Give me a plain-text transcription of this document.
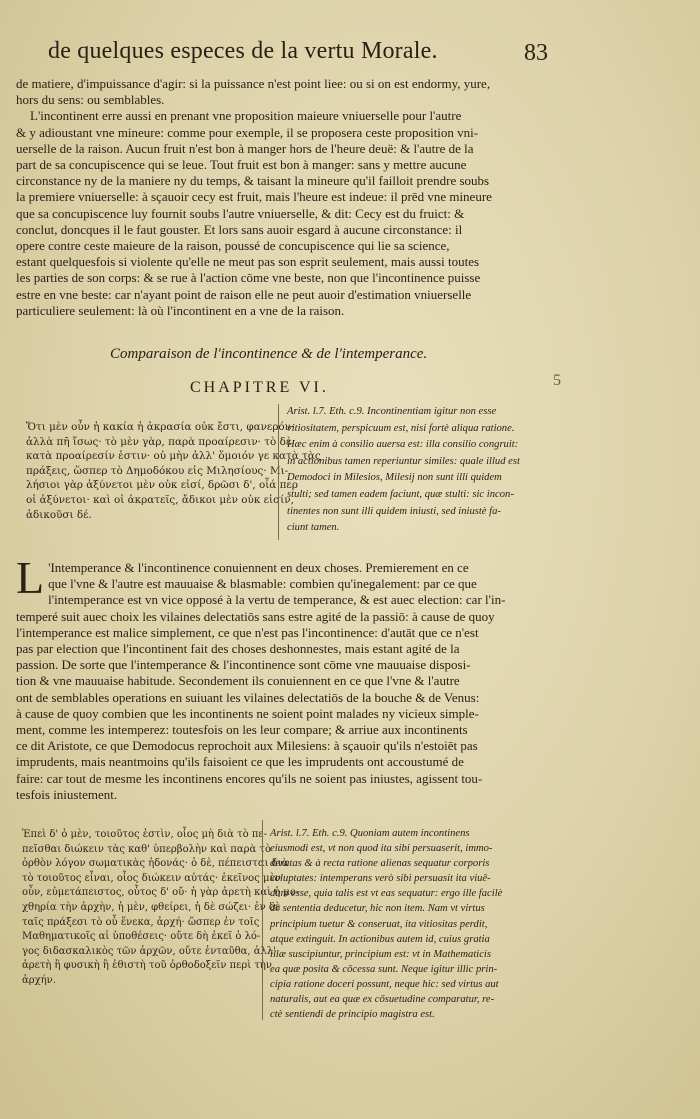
de quelques especes de la vertu Morale.	83
de matiere, d'impuissance d'agir: si la puissance n'est point liee: ou si on est endormy, yure,
hors du sens: ou semblables.
L'incontinent erre aussi en prenant vne proposition maieure vniuerselle pour l'autre
& y adioustant vne mineure: comme pour exemple, il se proposera ceste proposition vni-
uerselle de la raison. Aucun fruit n'est bon à manger hors de l'heure deuë: & l'autre de la
part de sa concupiscence qui se leue. Tout fruit est bon à manger: sans y mettre aucune
circonstance ny de la maniere ny du temps, & taisant la mineure qu'il failloit prendre soubs
la premiere vniuerselle: à sçauoir cecy est fruit, mais l'heure est indeue: il prēd vne mineure
que sa concupiscence luy fournit soubs l'autre vniuerselle, & dit: Cecy est du fruict: &
conclut, doncques il le faut gouster. Et lors sans auoir esgard à aucune circonstance: il
opere contre ceste maieure de la raison, poussé de concupiscence qui lie sa science,
estant quelquesfois si violente qu'elle ne meut pas son esprit seulement, mais aussi toutes
les parties de son corps: & se rue à l'action cōme vne beste, non que l'incontinence puisse
estre en vne beste: car n'ayant point de raison elle ne peut auoir d'estimation vniuerselle
particuliere seulement: là où l'incontinent en a vne de la raison.
Comparaison de l'incontinence & de l'intemperance.
CHAPITRE VI.	5
Ὅτι μὲν οὖν ἡ κακία ἡ ἀκρασία οὐκ ἔστι, φανερόν·
ἀλλὰ πῆ ἴσως· τὸ μὲν γὰρ, παρὰ προαίρεσιν· τὸ δὲ
κατὰ προαίρεσίν ἐστιν· οὐ μὴν ἀλλ' ὅμοιόν γε κατὰ τὰς
πράξεις, ὥσπερ τὸ Δημοδόκου εἰς Μιλησίους· Μι-
λήσιοι γὰρ ἀξύνετοι μὲν οὐκ εἰσί, δρῶσι δ', οἷά περ
οἱ ἀξύνετοι· καὶ οἱ ἀκρατεῖς, ἄδικοι μὲν οὐκ εἰσίν,
ἀδικοῦσι δέ.
Arist. l.7. Eth. c.9. Incontinentiam igitur non esse
vitiositatem, perspicuum est, nisi fortè aliqua ratione.
Hæc enim à consilio auersa est: illa consilio congruit:
in actionibus tamen reperiuntur similes: quale illud est
Demodoci in Milesios, Milesij non sunt illi quidem
stulti; sed tamen eadem faciunt, quæ stulti: sic incon-
tinentes non sunt illi quidem iniusti, sed iniustè fa-
ciunt tamen.
L 'Intemperance & l'incontinence conuiennent en deux choses. Premierement en ce
que l'vne & l'autre est mauuaise & blasmable: combien qu'inegalement: par ce que
l'intemperance est vn vice opposé à la vertu de temperance, & est auec election: car l'in-
temperé suit auec choix les vilaines delectatiōs sans estre agité de la passiō: à cause de quoy
l'intemperance est malice simplement, ce que n'est pas l'incontinence: d'autāt que ce n'est
pas par election que l'incontinent fait des choses deshonnestes, mais estant agité de la
passion. De sorte que l'intemperance & l'incontinence sont cōme vne mauuaise disposi-
tion & vne mauuaise habitude. Secondement ils conuiennent en ce que l'vne & l'autre
ont de semblables operations en suiuant les vilaines delectatiōs de la bouche & de Venus:
à cause de quoy combien que les incontinents ne soient point malades ny vicieux simple-
ment, comme les intemperez: toutesfois on les leur compare; & arriue aux incontinents
ce dit Aristote, ce que Demodocus reprochoit aux Milesiens: à sçauoir qu'ils n'estoiēt pas
imprudents, mais neantmoins qu'ils faisoient ce que les imprudents ont accoustumé de
faire: car tout de mesme les incontinens encores qu'ils ne soient pas iniustes, agissent tou-
tesfois iniustement.
Ἐπεὶ δ' ὁ μὲν, τοιοῦτος ἐστὶν, οἷος μὴ διὰ τὸ πε-
πεῖσθαι διώκειν τὰς καθ' ὑπερβολὴν καὶ παρὰ τὸ
ὀρθὸν λόγον σωματικὰς ἡδονάς· ὁ δὲ, πέπεισται διὰ
τὸ τοιοῦτος εἶναι, οἷος διώκειν αὐτάς· ἐκεῖνος μὲν
οὖν, εὐμετάπειστος, οὗτος δ' οὔ· ἡ γὰρ ἀρετὴ καὶ ἡ μο-
χθηρία τὴν ἀρχὴν, ἡ μὲν, φθείρει, ἡ δὲ σώζει· ἐν δὲ
ταῖς πράξεσι τὸ οὗ ἕνεκα, ἀρχή· ὥσπερ ἐν τοῖς
Μαθηματικοῖς αἱ ὑποθέσεις· οὔτε δὴ ἐκεῖ ὁ λό-
γος διδασκαλικὸς τῶν ἀρχῶν, οὔτε ἐνταῦθα, ἀλλ'
ἀρετὴ ἢ φυσικὴ ἢ ἐθιστὴ τοῦ ὀρθοδοξεῖν περὶ τὴν
ἀρχήν.
Arist. l.7. Eth. c.9. Quoniam autem incontinens
eiusmodi est, vt non quod ita sibi persuaserit, immo-
deratas & à recta ratione alienas sequatur corporis
voluptates: intemperans verò sibi persuasit ita viuē-
dum esse, quia talis est vt eas sequatur: ergo ille facilè
de sententia deducetur, hic non item. Nam vt virtus
principium tuetur & conseruat, ita vitiositas perdit,
atque extinguit. In actionibus autem id, cuius gratia
illæ suscipiuntur, principium est: vt in Mathematicis
ea quæ posita & cōcessa sunt. Neque igitur illic prin-
cipia ratione doceri possunt, neque hic: sed virtus aut
naturalis, aut ea quæ ex cōsuetudine comparatur, re-
ctè sentiendi de principio magistra est.
